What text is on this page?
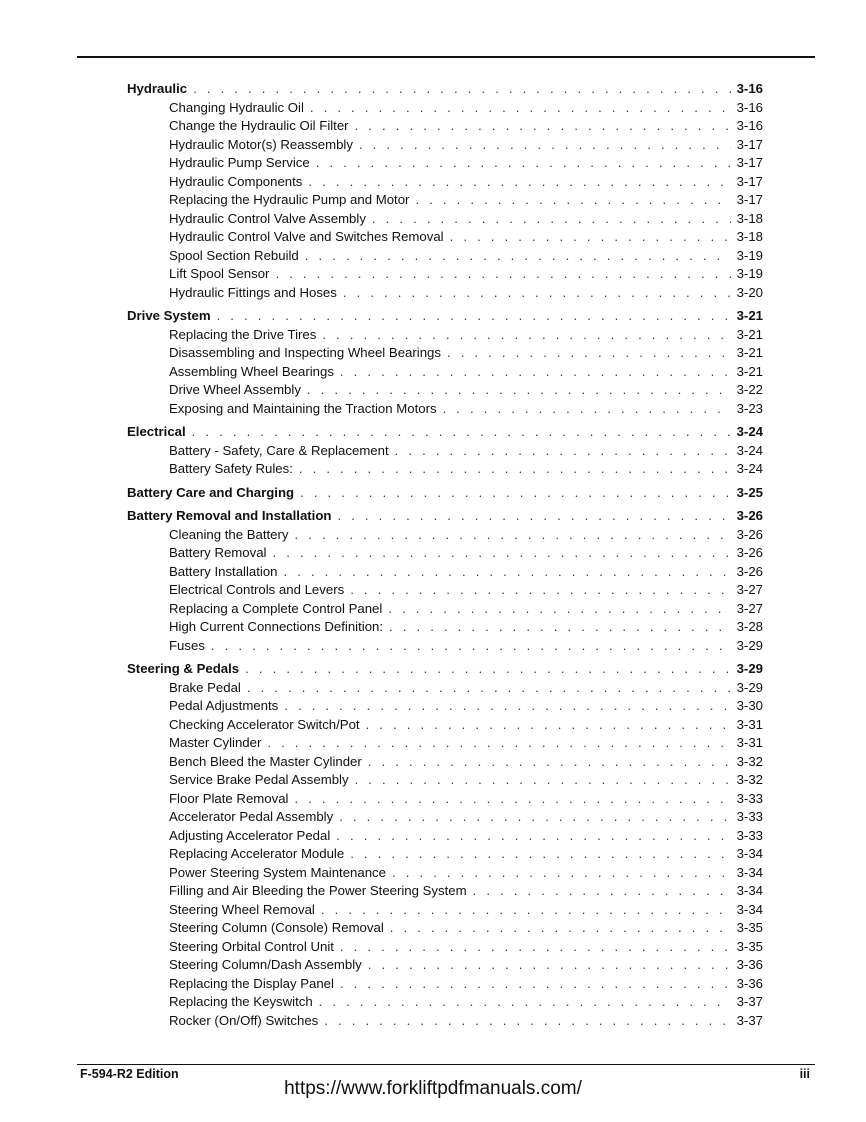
Hydraulic . . .	3-16
Changing Hydraulic Oil . . .	3-16
Change the Hydraulic Oil Filter . . .	3-16
Hydraulic Motor(s) Reassembly . . .	3-17
Hydraulic Pump Service . . .	3-17
Hydraulic Components . . .	3-17
Replacing the Hydraulic Pump and Motor . . .	3-17
Hydraulic Control Valve Assembly . . .	3-18
Hydraulic Control Valve and Switches Removal . . .	3-18
Spool Section Rebuild . . .	3-19
Lift Spool Sensor . . .	3-19
Hydraulic Fittings and Hoses . . .	3-20
Drive System . . .	3-21
Replacing the Drive Tires . . .	3-21
Disassembling and Inspecting Wheel Bearings . . .	3-21
Assembling Wheel Bearings . . .	3-21
Drive Wheel Assembly . . .	3-22
Exposing and Maintaining the Traction Motors . . .	3-23
Electrical . . .	3-24
Battery - Safety, Care & Replacement . . .	3-24
Battery Safety Rules: . . .	3-24
Battery Care and Charging . . .	3-25
Battery Removal and Installation . . .	3-26
Cleaning the Battery . . .	3-26
Battery Removal . . .	3-26
Battery Installation . . .	3-26
Electrical Controls and Levers . . .	3-27
Replacing a Complete Control Panel . . .	3-27
High Current Connections Definition: . . .	3-28
Fuses . . .	3-29
Steering & Pedals . . .	3-29
Brake Pedal . . .	3-29
Pedal Adjustments . . .	3-30
Checking Accelerator Switch/Pot . . .	3-31
Master Cylinder . . .	3-31
Bench Bleed the Master Cylinder . . .	3-32
Service Brake Pedal Assembly . . .	3-32
Floor Plate Removal . . .	3-33
Accelerator Pedal Assembly . . .	3-33
Adjusting Accelerator Pedal . . .	3-33
Replacing Accelerator Module . . .	3-34
Power Steering System Maintenance . . .	3-34
Filling and Air Bleeding the Power Steering System . . .	3-34
Steering Wheel Removal . . .	3-34
Steering Column (Console) Removal . . .	3-35
Steering Orbital Control Unit . . .	3-35
Steering Column/Dash Assembly . . .	3-36
Replacing the Display Panel . . .	3-36
Replacing the Keyswitch . . .	3-37
Rocker (On/Off) Switches . . .	3-37
F-594-R2 Edition	iii
https://www.forkliftpdfmanuals.com/
